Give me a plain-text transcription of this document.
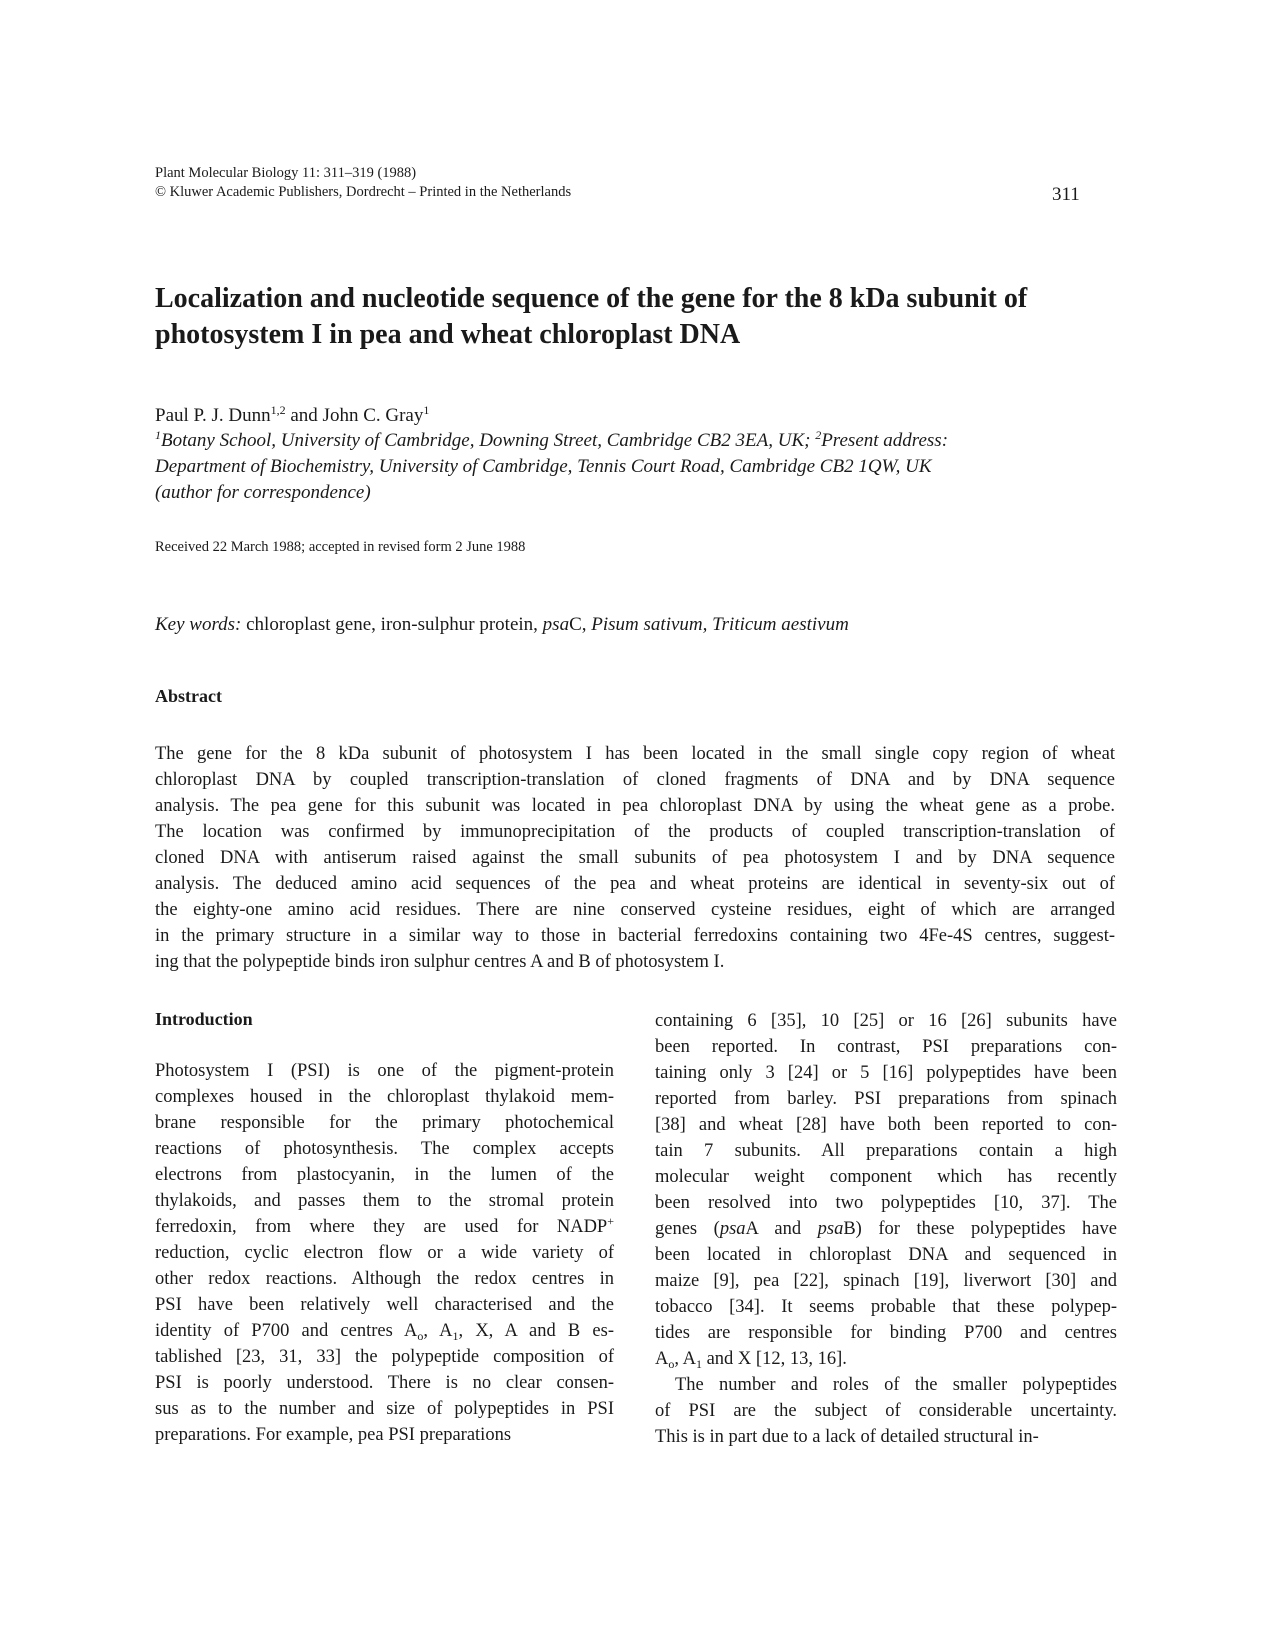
Plant Molecular Biology 11: 311–319 (1988)
© Kluwer Academic Publishers, Dordrecht – Printed in the Netherlands	311
Localization and nucleotide sequence of the gene for the 8 kDa subunit of
photosystem I in pea and wheat chloroplast DNA
Paul P. J. Dunn$^{1,2}$ and John C. Gray$^1$
$^1$Botany School, University of Cambridge, Downing Street, Cambridge CB2 3EA, UK; $^2$Present address:
Department of Biochemistry, University of Cambridge, Tennis Court Road, Cambridge CB2 1QW, UK
(author for correspondence)
Received 22 March 1988; accepted in revised form 2 June 1988
Key words: chloroplast gene, iron-sulphur protein, psaC, Pisum sativum, Triticum aestivum
Abstract
The gene for the 8 kDa subunit of photosystem I has been located in the small single copy region of wheat
chloroplast DNA by coupled transcription-translation of cloned fragments of DNA and by DNA sequence
analysis. The pea gene for this subunit was located in pea chloroplast DNA by using the wheat gene as a probe.
The location was confirmed by immunoprecipitation of the products of coupled transcription-translation of
cloned DNA with antiserum raised against the small subunits of pea photosystem I and by DNA sequence
analysis. The deduced amino acid sequences of the pea and wheat proteins are identical in seventy-six out of
the eighty-one amino acid residues. There are nine conserved cysteine residues, eight of which are arranged
in the primary structure in a similar way to those in bacterial ferredoxins containing two 4Fe-4S centres, suggest-
ing that the polypeptide binds iron sulphur centres A and B of photosystem I.
Introduction
Photosystem I (PSI) is one of the pigment-protein
complexes housed in the chloroplast thylakoid mem-
brane responsible for the primary photochemical
reactions of photosynthesis. The complex accepts
electrons from plastocyanin, in the lumen of the
thylakoids, and passes them to the stromal protein
ferredoxin, from where they are used for NADP+
reduction, cyclic electron flow or a wide variety of
other redox reactions. Although the redox centres in
PSI have been relatively well characterised and the
identity of P700 and centres $A_o$, $A_1$, X, A and B es-
tablished [23, 31, 33] the polypeptide composition of
PSI is poorly understood. There is no clear consen-
sus as to the number and size of polypeptides in PSI
preparations. For example, pea PSI preparations
containing 6 [35], 10 [25] or 16 [26] subunits have
been reported. In contrast, PSI preparations con-
taining only 3 [24] or 5 [16] polypeptides have been
reported from barley. PSI preparations from spinach
[38] and wheat [28] have both been reported to con-
tain 7 subunits. All preparations contain a high
molecular weight component which has recently
been resolved into two polypeptides [10, 37]. The
genes (psaA and psaB) for these polypeptides have
been located in chloroplast DNA and sequenced in
maize [9], pea [22], spinach [19], liverwort [30] and
tobacco [34]. It seems probable that these polypep-
tides are responsible for binding P700 and centres
$A_o$, $A_1$ and X [12, 13, 16].
The number and roles of the smaller polypeptides
of PSI are the subject of considerable uncertainty.
This is in part due to a lack of detailed structural in-
